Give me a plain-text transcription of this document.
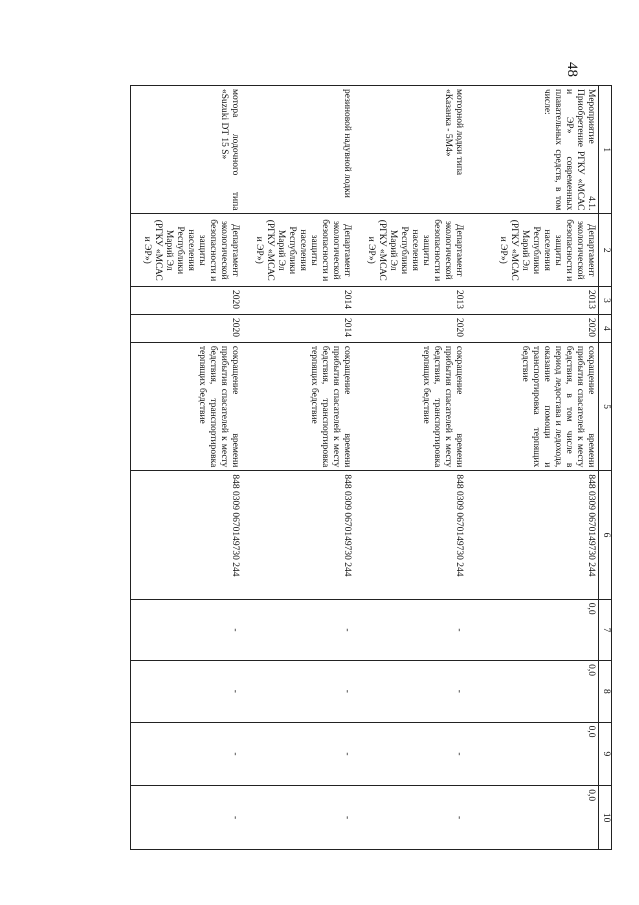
48
1	2	3	4	5	6	7	8	9	10
Мероприятие 4.1. Приобретение РГКУ «МСАС и ЭР» современных плавательных средств, в том числе:	Департамент экологической безопасности и защиты населения Республики Марий Эл (РГКУ «МСАС и ЭР»)	2013	2020	сокращение времени прибытия спасателей к месту бедствия, в том числе в период ледостава и ледохода, оказание помощи и транспортировка терпящих бедствие	848 0309 0670149730 244	0,0	0,0	0,0	0,0
моторной лодки типа «Казанка - 5М4»	Департамент экологической безопасности и защиты населения Республики Марий Эл (РГКУ «МСАС и ЭР»)	2013	2020	сокращение времени прибытия спасателей к месту бедствия, транспортировка терпящих бедствие	848 0309 0670149730 244	-	-	-	-
резиновой надувной лодки	Департамент экологической безопасности и защиты населения Республики Марий Эл (РГКУ «МСАС и ЭР»)	2014	2014	сокращение времени прибытия спасателей к месту бедствия, транспортировка терпящих бедствие	848 0309 0670149730 244	-	-	-	-
мотора лодочного типа «Suzuki DT 15 S»	Департамент экологической безопасности и защиты населения Республики Марий Эл (РГКУ «МСАС и ЭР»)	2020	2020	сокращение времени прибытия спасателей к месту бедствия, транспортировка терпящих бедствие	848 0309 0670149730 244	-	-	-	-
